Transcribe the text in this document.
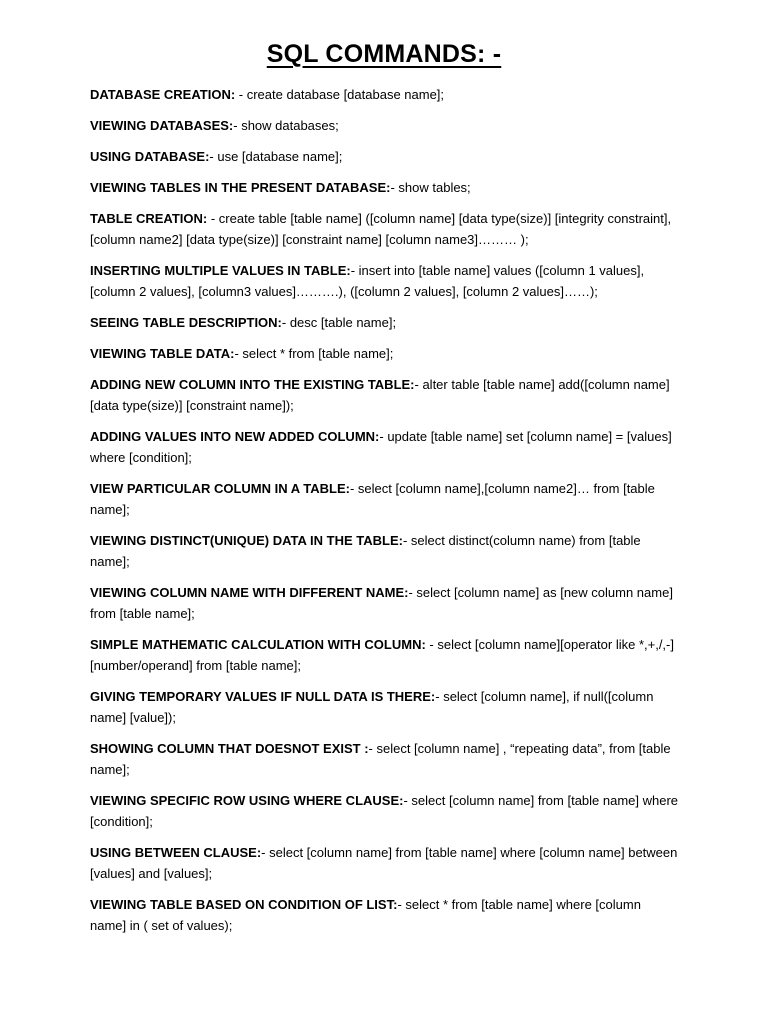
SQL COMMANDS: -

DATABASE CREATION: - create database [database name];

VIEWING DATABASES:- show databases;

USING DATABASE:- use [database name];

VIEWING TABLES IN THE PRESENT DATABASE:- show tables;

TABLE CREATION: - create table [table name] ([column name] [data type(size)] [integrity constraint], [column name2] [data type(size)] [constraint name] [column name3]……… );

INSERTING MULTIPLE VALUES IN TABLE:- insert into [table name] values ([column 1 values], [column 2 values], [column3 values]……….), ([column 2 values], [column 2 values]……);

SEEING TABLE DESCRIPTION:- desc [table name];

VIEWING TABLE DATA:- select * from [table name];

ADDING NEW COLUMN INTO THE EXISTING TABLE:- alter table [table name] add([column name] [data type(size)] [constraint name]);

ADDING VALUES INTO NEW ADDED COLUMN:- update [table name] set [column name] = [values] where [condition];

VIEW PARTICULAR COLUMN IN A TABLE:- select [column name],[column name2]… from [table name];

VIEWING DISTINCT(UNIQUE) DATA IN THE TABLE:- select distinct(column name) from [table name];

VIEWING COLUMN NAME WITH DIFFERENT NAME:- select [column name] as [new column name] from [table name];

SIMPLE MATHEMATIC CALCULATION WITH COLUMN: - select [column name][operator like *,+,/,-][number/operand] from [table name];

GIVING TEMPORARY VALUES IF NULL DATA IS THERE:- select [column name], if null([column name] [value]);

SHOWING COLUMN THAT DOESNOT EXIST :- select [column name] , “repeating data”, from [table name];

VIEWING SPECIFIC ROW USING WHERE CLAUSE:- select [column name] from [table name] where [condition];

USING BETWEEN CLAUSE:- select [column name] from [table name] where [column name] between [values] and [values];

VIEWING TABLE BASED ON CONDITION OF LIST:- select * from [table name] where [column name] in ( set of values);
